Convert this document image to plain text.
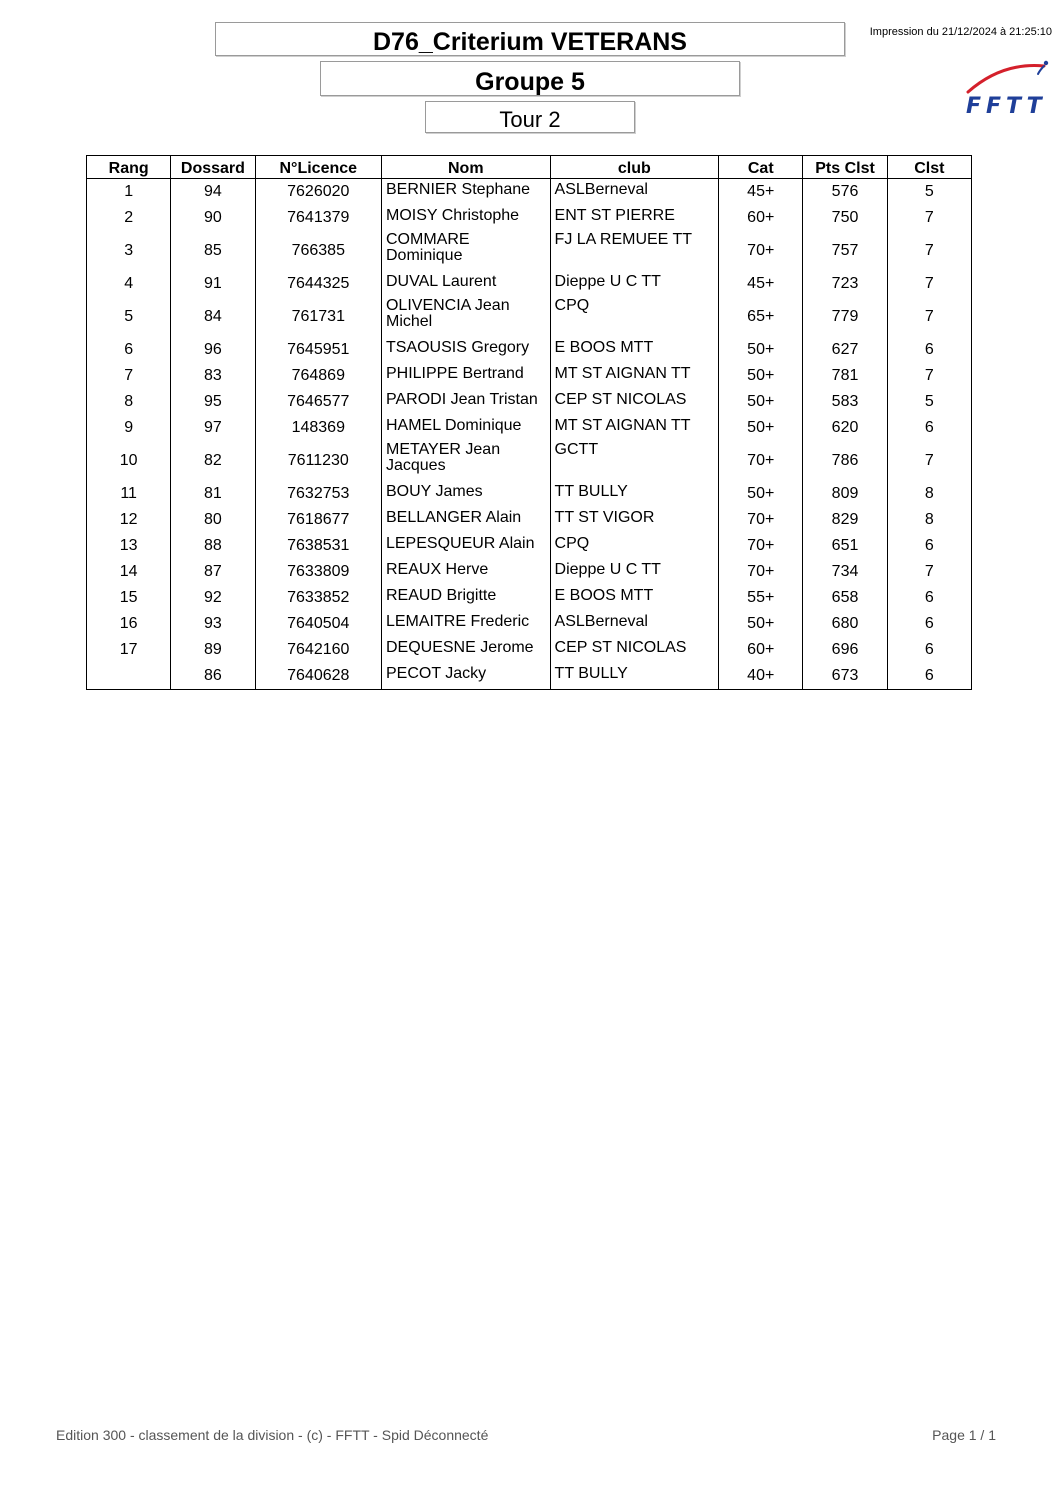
D76_Criterium VETERANS
Groupe 5
Tour 2
Impression du 21/12/2024 à 21:25:10
FFTT
Rang	Dossard	N°Licence	Nom	club	Cat	Pts Clst	Clst
1	94	7626020	BERNIER Stephane	ASLBerneval	45+	576	5
2	90	7641379	MOISY Christophe	ENT ST PIERRE	60+	750	7
3	85	766385	COMMARE Dominique	FJ LA REMUEE TT	70+	757	7
4	91	7644325	DUVAL Laurent	Dieppe U C TT	45+	723	7
5	84	761731	OLIVENCIA Jean Michel	CPQ	65+	779	7
6	96	7645951	TSAOUSIS Gregory	E BOOS MTT	50+	627	6
7	83	764869	PHILIPPE Bertrand	MT ST AIGNAN TT	50+	781	7
8	95	7646577	PARODI Jean Tristan	CEP ST NICOLAS	50+	583	5
9	97	148369	HAMEL Dominique	MT ST AIGNAN TT	50+	620	6
10	82	7611230	METAYER Jean Jacques	GCTT	70+	786	7
11	81	7632753	BOUY James	TT BULLY	50+	809	8
12	80	7618677	BELLANGER Alain	TT ST VIGOR	70+	829	8
13	88	7638531	LEPESQUEUR Alain	CPQ	70+	651	6
14	87	7633809	REAUX Herve	Dieppe U C TT	70+	734	7
15	92	7633852	REAUD Brigitte	E BOOS MTT	55+	658	6
16	93	7640504	LEMAITRE Frederic	ASLBerneval	50+	680	6
17	89	7642160	DEQUESNE Jerome	CEP ST NICOLAS	60+	696	6
	86	7640628	PECOT Jacky	TT BULLY	40+	673	6
Edition 300 - classement de la division - (c) - FFTT - Spid Déconnecté	Page 1 / 1
